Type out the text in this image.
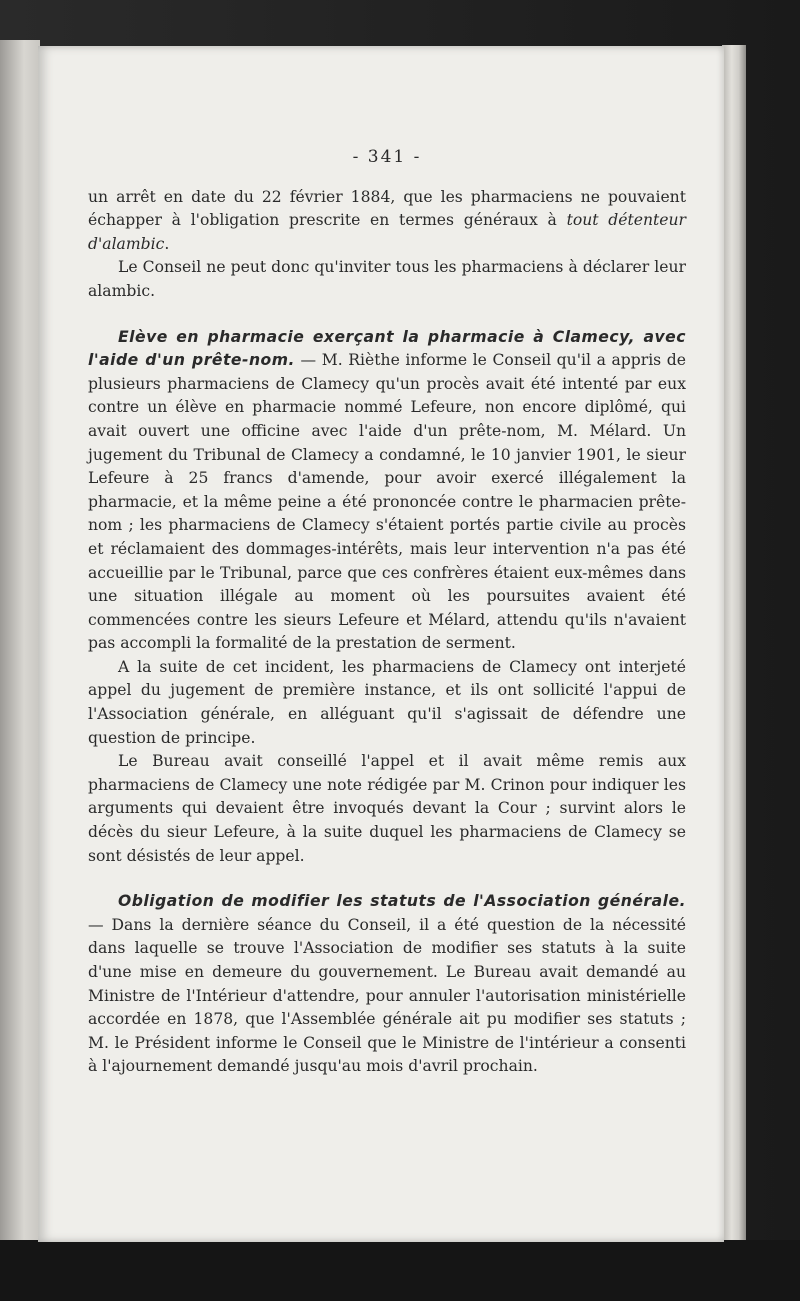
- 341 -

un arrêt en date du 22 février 1884, que les pharmaciens ne pouvaient échapper à l'obligation prescrite en termes généraux à tout détenteur d'alambic.

Le Conseil ne peut donc qu'inviter tous les pharmaciens à déclarer leur alambic.

Elève en pharmacie exerçant la pharmacie à Clamecy, avec l'aide d'un prête-nom. — M. Rièthe informe le Conseil qu'il a appris de plusieurs pharmaciens de Clamecy qu'un procès avait été intenté par eux contre un élève en pharmacie nommé Lefeure, non encore diplômé, qui avait ouvert une officine avec l'aide d'un prête-nom, M. Mélard. Un jugement du Tribunal de Clamecy a condamné, le 10 janvier 1901, le sieur Lefeure à 25 francs d'amende, pour avoir exercé illégalement la pharmacie, et la même peine a été prononcée contre le pharmacien prête-nom ; les pharmaciens de Clamecy s'étaient portés partie civile au procès et réclamaient des dommages-intérêts, mais leur intervention n'a pas été accueillie par le Tribunal, parce que ces confrères étaient eux-mêmes dans une situation illégale au moment où les poursuites avaient été commencées contre les sieurs Lefeure et Mélard, attendu qu'ils n'avaient pas accompli la formalité de la prestation de serment.

A la suite de cet incident, les pharmaciens de Clamecy ont interjeté appel du jugement de première instance, et ils ont sollicité l'appui de l'Association générale, en alléguant qu'il s'agissait de défendre une question de principe.

Le Bureau avait conseillé l'appel et il avait même remis aux pharmaciens de Clamecy une note rédigée par M. Crinon pour indiquer les arguments qui devaient être invoqués devant la Cour ; survint alors le décès du sieur Lefeure, à la suite duquel les pharmaciens de Clamecy se sont désistés de leur appel.

Obligation de modifier les statuts de l'Association générale. — Dans la dernière séance du Conseil, il a été question de la nécessité dans laquelle se trouve l'Association de modifier ses statuts à la suite d'une mise en demeure du gouvernement. Le Bureau avait demandé au Ministre de l'Intérieur d'attendre, pour annuler l'autorisation ministérielle accordée en 1878, que l'Assemblée générale ait pu modifier ses statuts ; M. le Président informe le Conseil que le Ministre de l'intérieur a consenti à l'ajournement demandé jusqu'au mois d'avril prochain.
